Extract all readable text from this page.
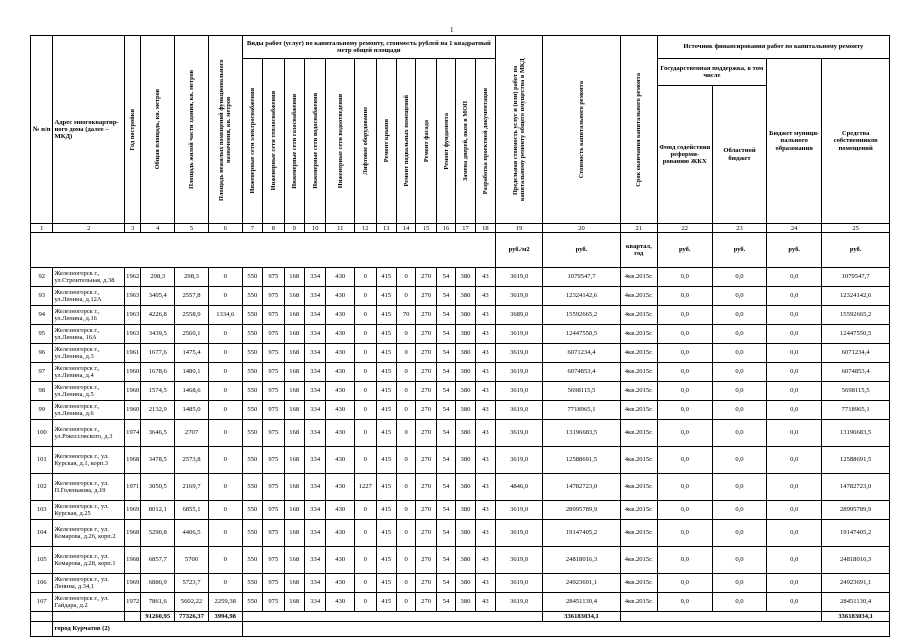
1
№ п/п	Адрес многоквартир-ного дома (далее – МКД)	Год постройки	Общая площадь, кв. метров	Площадь жилой части здания, кв. метров	Площадь нежилых помещений функционального назначения, кв. метров	Виды работ (услуг) по капитальному ремонту, стоимость рублей на 1 квадратный метр общей площади												Предельная стоимость услуг и (или) работ по капитальному ремонту общего имущества в МКД	Стоимость капитального ремонта	Срок окончания капитального ремонта	Источник финансирования работ по капитальному ремонту			

						Инженерные сети электроснабжения	Инженерные сети теплоснабжения	Инженерные сети газоснабжения	Инженерные сети водоснабжения	Инженерные сети водоотведения	Лифтовое оборудование	Ремонт крыши	Ремонт подвальных помещений	Ремонт фасада	Ремонт фундамента	Замена дверей, окон в МОП	Разработка проектной документации				Государственная поддержка, в том числе		Бюджет муници-пального образования	Средства собственников помещений
																					Фонд содействия реформи-рованию ЖКХ	Областной бюджет		
1	2	3	4	5	6	7	8	9	10	11	12	13	14	15	16	17	18	19	20	21	22	23	24	25
																		руб./м2	руб.	квартал, год	руб.	руб.	руб.	руб.
92	Железногорск г., ул.Строительная, д.38	1962	298,3	298,3	0	550	975	168	334	430	0	415	0	270	54	380	43	3619,0	1079547,7	4кв.2015г.	0,0	0,0	0,0	1079547,7
93	Железногорск г., ул.Ленина, д.12А	1963	3405,4	2557,8	0	550	975	168	334	430	0	415	0	270	54	380	43	3619,0	12324142,6	4кв.2015г.	0,0	0,0	0,0	12324142,6
94	Железногорск г., ул.Ленина, д.16	1963	4226,8	2558,9	1334,6	550	975	168	334	430	0	415	70	270	54	380	43	3689,0	15592665,2	4кв.2015г.	0,0	0,0	0,0	15592665,2
95	Железногорск г., ул.Ленина, 16А	1963	3439,5	2560,1	0	550	975	168	334	430	0	415	0	270	54	380	43	3619,0	12447550,5	4кв.2015г.	0,0	0,0	0,0	12447550,5
96	Железногорск г., ул.Ленина, д.3	1961	1677,6	1475,4	0	550	975	168	334	430	0	415	0	270	54	380	43	3619,0	6071234,4	4кв.2015г.	0,0	0,0	0,0	6071234,4
97	Железногорск г., ул.Ленина, д.4	1960	1678,6	1480,1	0	550	975	168	334	430	0	415	0	270	54	380	43	3619,0	6074853,4	4кв.2015г.	0,0	0,0	0,0	6074853,4
98	Железногорск г., ул.Ленина, д.5	1960	1574,5	1468,6	0	550	975	168	334	430	0	415	0	270	54	380	43	3619,0	5698115,5	4кв.2015г.	0,0	0,0	0,0	5698115,5
99	Железногорск г., ул.Ленина, д.6	1960	2132,9	1485,0	0	550	975	168	334	430	0	415	0	270	54	380	43	3619,0	7718965,1	4кв.2015г.	0,0	0,0	0,0	7718965,1
100	Железногорск г., ул.Рокоссовского, д.3	1974	3646,5	2707	0	550	975	168	334	430	0	415	0	270	54	380	43	3619,0	13196683,5	4кв.2015г.	0,0	0,0	0,0	13196683,5
101	Железногорск г., ул. Курская, д.1, корп.3	1968	3478,5	2573,8	0	550	975	168	334	430	0	415	0	270	54	380	43	3619,0	12588691,5	4кв.2015г.	0,0	0,0	0,0	12588691,5
102	Железногорск г., ул. П.Голенькова, д.19	1971	3050,5	2169,7	0	550	975	168	334	430	1227	415	0	270	54	380	43	4846,0	14782723,0	4кв.2015г.	0,0	0,0	0,0	14782723,0
103	Железногорск г., ул. Курская, д.25	1969	8012,1	6855,1	0	550	975	168	334	430	0	415	0	270	54	380	43	3619,0	28995789,9	4кв.2015г.	0,0	0,0	0,0	28995789,9
104	Железногорск г., ул. Комарова, д.26, корп.2	1968	5290,8	4406,5	0	550	975	168	334	430	0	415	0	270	54	380	43	3619,0	19147405,2	4кв.2015г.	0,0	0,0	0,0	19147405,2
105	Железногорск г., ул. Комарова, д.28, корп.1	1968	6857,7	5700	0	550	975	168	334	430	0	415	0	270	54	380	43	3619,0	24818016,3	4кв.2015г.	0,0	0,0	0,0	24818016,3
106	Железногорск г., ул. Ленина, д.34,1	1969	6886,9	5723,7	0	550	975	168	334	430	0	415	0	270	54	380	43	3619,0	24923691,1	4кв.2015г.	0,0	0,0	0,0	24923691,1
107	Железногорск г., ул. Гайдара, д.2	1972	7861,6	5602,22	2259,38	550	975	168	334	430	0	415	0	270	54	380	43	3619,0	28451130,4	4кв.2015г.	0,0	0,0	0,0	28451130,4
			91260,95	77326,37	3994,98														336183034,1					336183034,1
	город Курчатов (2)																							
